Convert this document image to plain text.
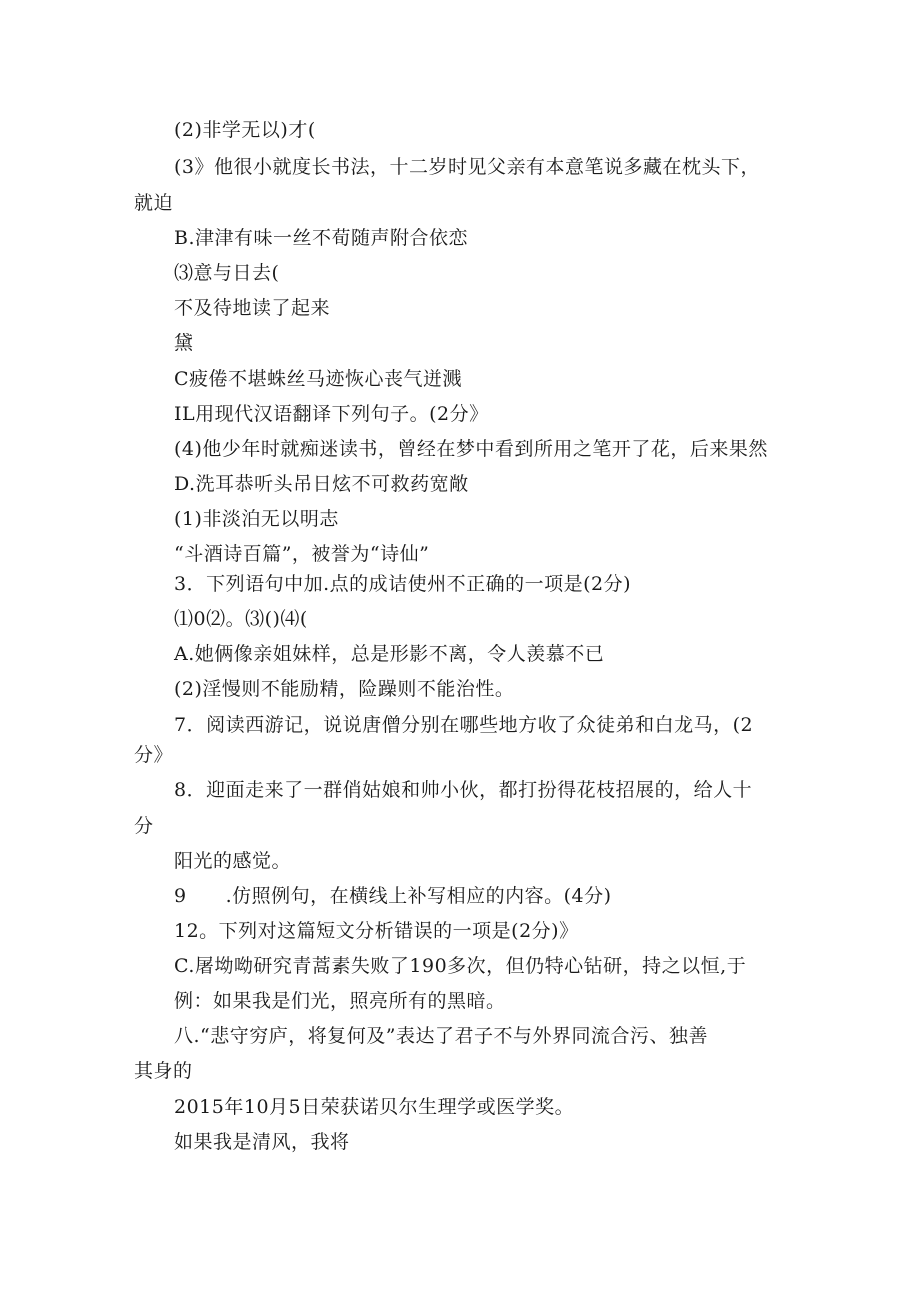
(2)非学无以)才(
(3》他很小就度长书法，十二岁时见父亲有本意笔说多藏在枕头下，
就迫
B.津津有味一丝不荀随声附合依恋
⑶意与日去(
不及待地读了起来
黛
C疲倦不堪蛛丝马迹恢心丧气迸溅
IL用现代汉语翻译下列句子。(2分》
(4)他少年时就痴迷读书，曾经在梦中看到所用之笔开了花，后来果然
D.洗耳恭听头吊日炫不可救药宽敞
(1)非淡泊无以明志
“斗酒诗百篇”，被誉为“诗仙”
3．下列语句中加.点的成诘使州不正确的一项是(2分)
⑴0⑵。⑶()⑷(
A.她俩像亲姐妹样，总是形影不离，令人羡慕不已
(2)淫慢则不能励精，险躁则不能治性。
7．阅读西游记，说说唐僧分别在哪些地方收了众徒弟和白龙马，(2
分》
8．迎面走来了一群俏姑娘和帅小伙，都打扮得花枝招展的，给人十
分
阳光的感觉。
9　　.仿照例句，在横线上补写相应的内容。(4分)
12。下列对这篇短文分析错误的一项是(2分)》
C.屠坳呦研究青蒿素失败了190多次，但仍特心钻研，持之以恒,于
例：如果我是们光，照亮所有的黑暗。
八.“悲守穷庐，将复何及”表达了君子不与外界同流合污、独善
其身的
2015年10月5日荣获诺贝尔生理学或医学奖。
如果我是清风，我将
